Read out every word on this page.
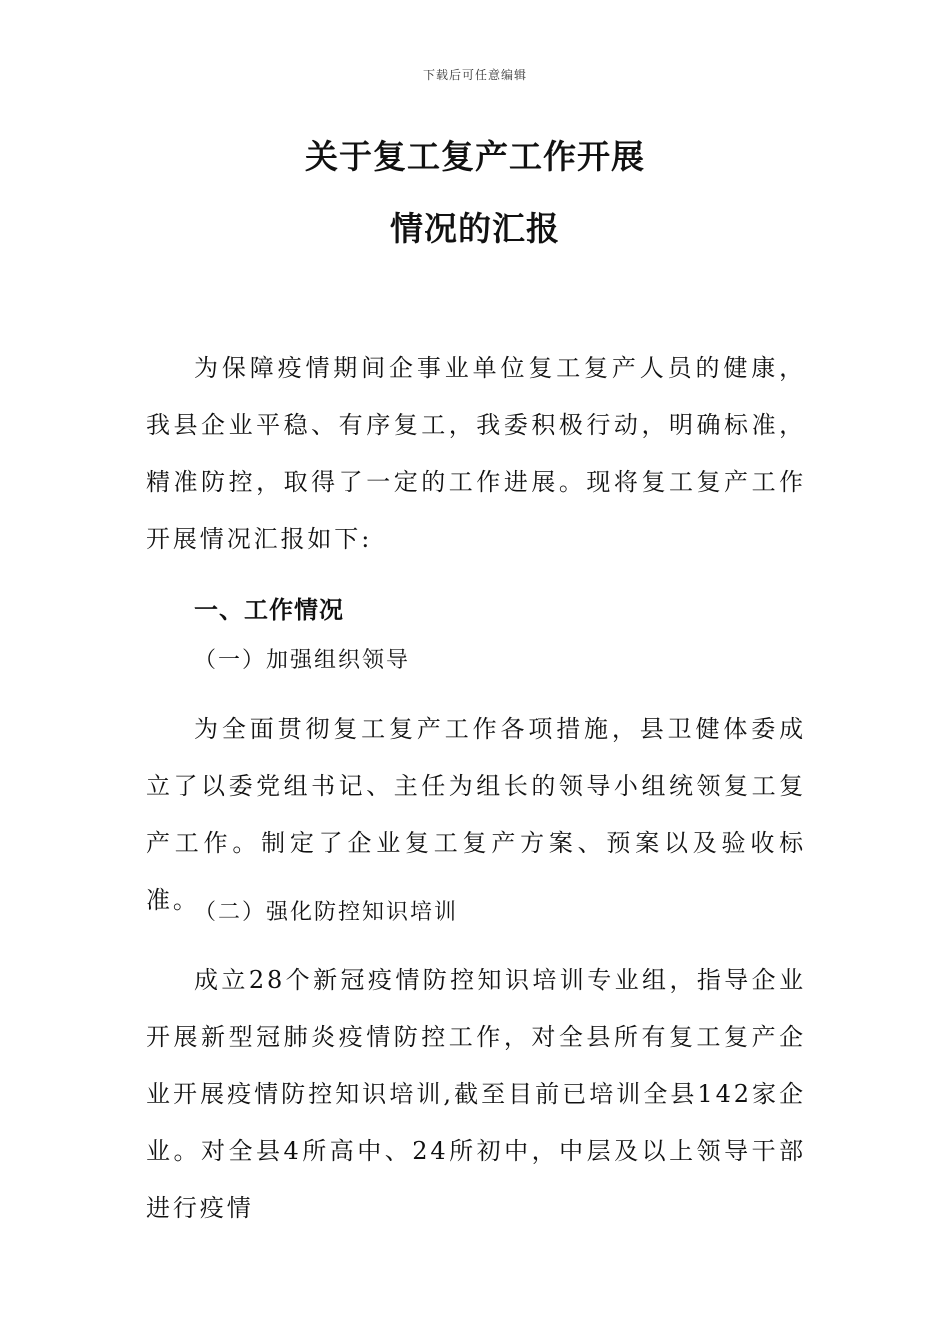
下载后可任意编辑
关于复工复产工作开展
情况的汇报

为保障疫情期间企事业单位复工复产人员的健康，我县企业平稳、有序复工，我委积极行动，明确标准，精准防控，取得了一定的工作进展。现将复工复产工作开展情况汇报如下:

一、工作情况
（一）加强组织领导

为全面贯彻复工复产工作各项措施，县卫健体委成立了以委党组书记、主任为组长的领导小组统领复工复产工作。制定了企业复工复产方案、预案以及验收标准。

（二）强化防控知识培训

成立28个新冠疫情防控知识培训专业组，指导企业开展新型冠肺炎疫情防控工作，对全县所有复工复产企业开展疫情防控知识培训,截至目前已培训全县142家企业。对全县4所高中、24所初中，中层及以上领导干部进行疫情
